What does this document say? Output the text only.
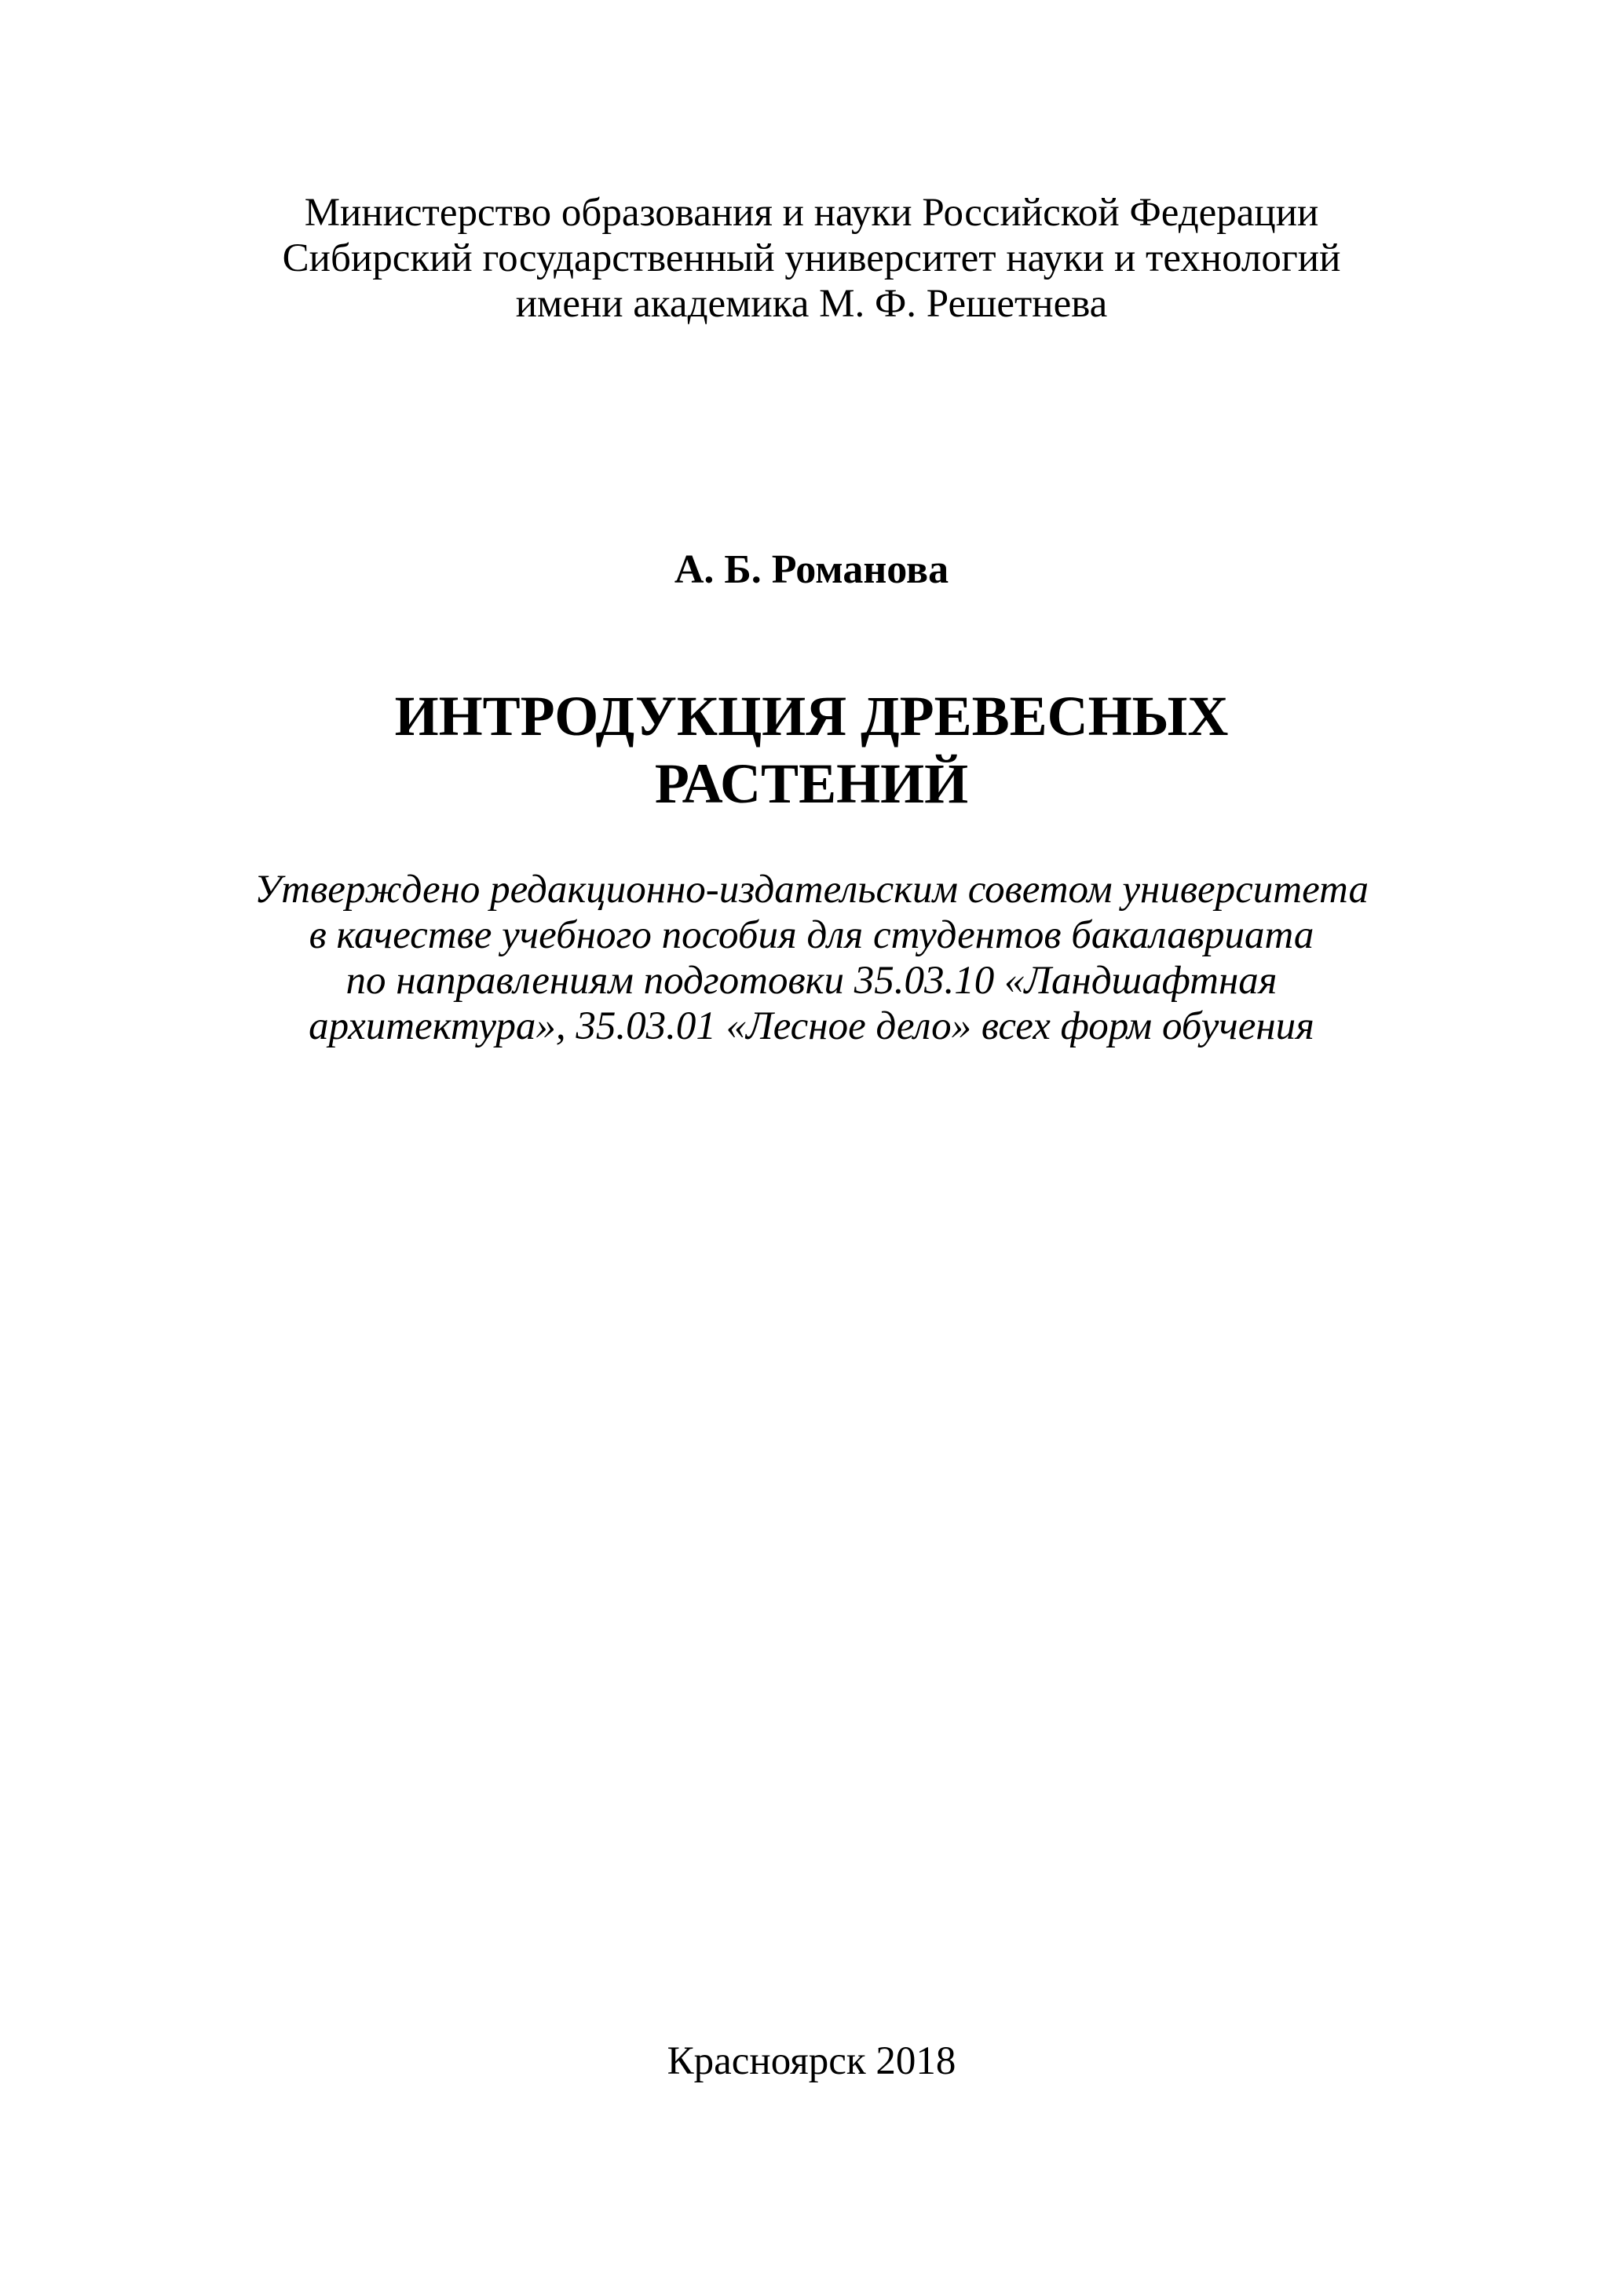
Министерство образования и науки Российской Федерации
Сибирский государственный университет науки и технологий
имени академика М. Ф. Решетнева
А. Б. Романова
ИНТРОДУКЦИЯ ДРЕВЕСНЫХ
РАСТЕНИЙ
Утверждено редакционно-издательским советом университета
в качестве учебного пособия для студентов бакалавриата
по направлениям подготовки 35.03.10 «Ландшафтная
архитектура», 35.03.01 «Лесное дело» всех форм обучения
Красноярск 2018
